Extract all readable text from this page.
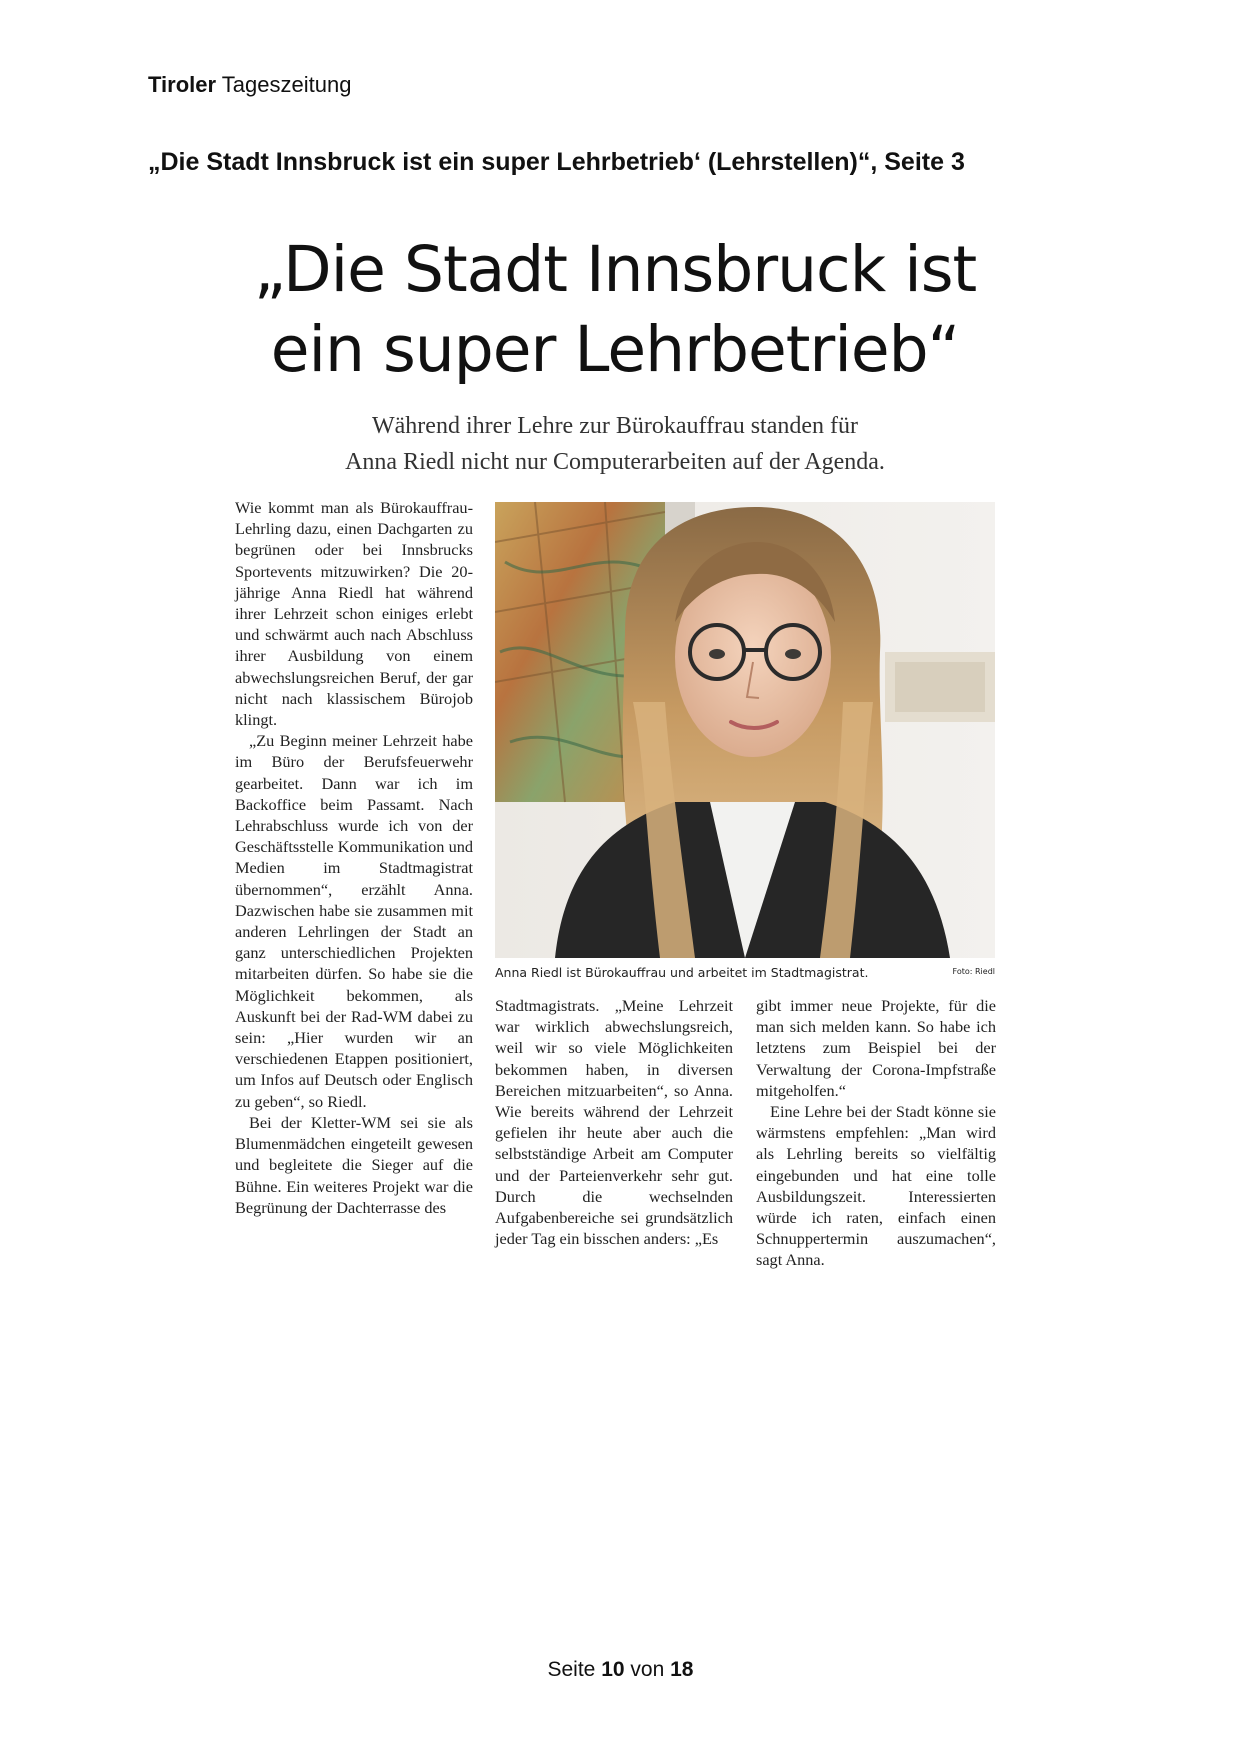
Tiroler Tageszeitung
„Die Stadt Innsbruck ist ein super Lehrbetrieb‘ (Lehrstellen)“, Seite 3
„Die Stadt Innsbruck ist
ein super Lehrbetrieb“
Während ihrer Lehre zur Bürokauffrau standen für
Anna Riedl nicht nur Computerarbeiten auf der Agenda.

Wie kommt man als Bürokauffrau-Lehrling dazu, einen Dachgarten zu begrünen oder bei Innsbrucks Sportevents mitzuwirken? Die 20-jährige Anna Riedl hat während ihrer Lehrzeit schon einiges erlebt und schwärmt auch nach Abschluss ihrer Ausbildung von einem abwechslungsreichen Beruf, der gar nicht nach klassischem Bürojob klingt.

„Zu Beginn meiner Lehrzeit habe im Büro der Berufsfeuerwehr gearbeitet. Dann war ich im Backoffice beim Passamt. Nach Lehrabschluss wurde ich von der Geschäftsstelle Kommunikation und Medien im Stadtmagistrat übernommen“, erzählt Anna. Dazwischen habe sie zusammen mit anderen Lehrlingen der Stadt an ganz unterschiedlichen Projekten mitarbeiten dürfen. So habe sie die Möglichkeit bekommen, als Auskunft bei der Rad-WM dabei zu sein: „Hier wurden wir an verschiedenen Etappen positioniert, um Infos auf Deutsch oder Englisch zu geben“, so Riedl.

Bei der Kletter-WM sei sie als Blumenmädchen eingeteilt gewesen und begleitete die Sieger auf die Bühne. Ein weiteres Projekt war die Begrünung der Dachterrasse des

Anna Riedl ist Bürokauffrau und arbeitet im Stadtmagistrat.	Foto: Riedl

Stadtmagistrats. „Meine Lehrzeit war wirklich abwechslungsreich, weil wir so viele Möglichkeiten bekommen haben, in diversen Bereichen mitzuarbeiten“, so Anna. Wie bereits während der Lehrzeit gefielen ihr heute aber auch die selbstständige Arbeit am Computer und der Parteienverkehr sehr gut. Durch die wechselnden Aufgabenbereiche sei grundsätzlich jeder Tag ein bisschen anders: „Es

gibt immer neue Projekte, für die man sich melden kann. So habe ich letztens zum Beispiel bei der Verwaltung der Corona-Impfstraße mitgeholfen.“

Eine Lehre bei der Stadt könne sie wärmstens empfehlen: „Man wird als Lehrling bereits so vielfältig eingebunden und hat eine tolle Ausbildungszeit. Interessierten würde ich raten, einfach einen Schnuppertermin auszumachen“, sagt Anna.

Seite 10 von 18
